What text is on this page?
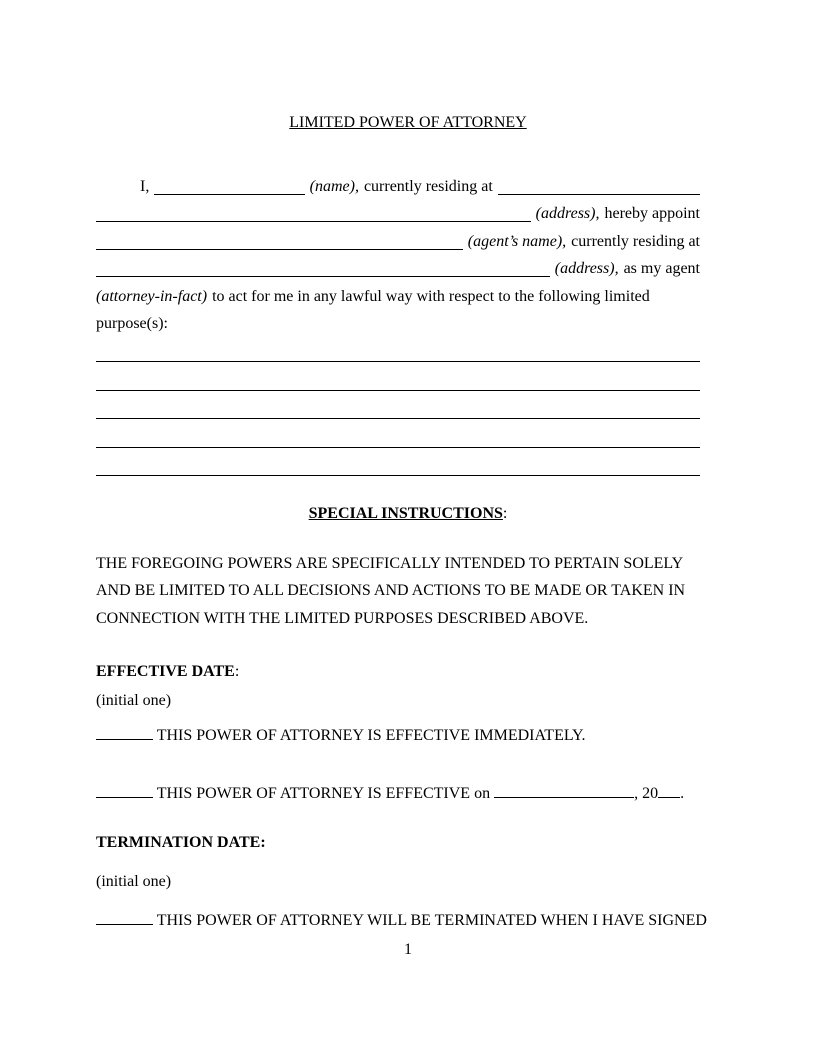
LIMITED POWER OF ATTORNEY
I,	(name), currently residing at
(address), hereby appoint
(agent’s name), currently residing at
(address), as my agent
(attorney-in-fact) to act for me in any lawful way with respect to the following limited
purpose(s):
SPECIAL INSTRUCTIONS:
THE FOREGOING POWERS ARE SPECIFICALLY INTENDED TO PERTAIN SOLELY
AND BE LIMITED TO ALL DECISIONS AND ACTIONS TO BE MADE OR TAKEN IN
CONNECTION WITH THE LIMITED PURPOSES DESCRIBED ABOVE.
EFFECTIVE DATE:
(initial one)
THIS POWER OF ATTORNEY IS EFFECTIVE IMMEDIATELY.
THIS POWER OF ATTORNEY IS EFFECTIVE on	, 20 .
TERMINATION DATE:
(initial one)
THIS POWER OF ATTORNEY WILL BE TERMINATED WHEN I HAVE SIGNED
1
